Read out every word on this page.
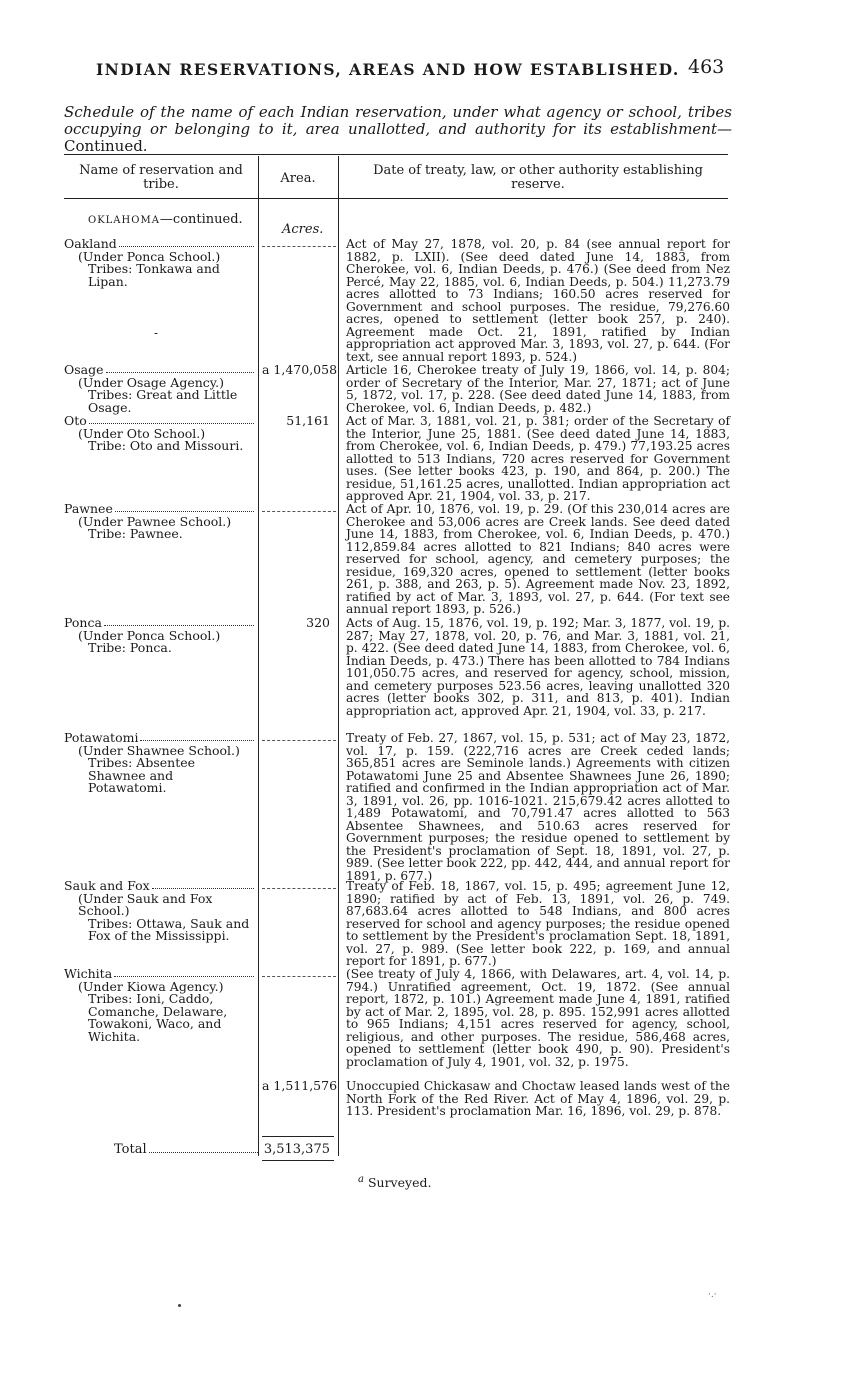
INDIAN RESERVATIONS, AREAS AND HOW ESTABLISHED. 463
Schedule of the name of each Indian reservation, under what agency or school, tribes occupying or belonging to it, area unallotted, and authority for its establishment—Continued.
Name of reservation and tribe.	Area.
Date of treaty, law, or other authority establishing reserve.
OKLAHOMA—continued.
Acres.
Oakland
(Under Ponca School.)
Tribes: Tonkawa and Lipan.
Act of May 27, 1878, vol. 20, p. 84 (see annual report for 1882, p. LXII). (See deed dated June 14, 1883, from Cherokee, vol. 6, Indian Deeds, p. 476.) (See deed from Nez Percé, May 22, 1885, vol. 6, Indian Deeds, p. 504.) 11,273.79 acres allotted to 73 Indians; 160.50 acres reserved for Government and school purposes. The residue, 79,276.60 acres, opened to settlement (letter book 257, p. 240). Agreement made Oct. 21, 1891, ratified by Indian appropriation act approved Mar. 3, 1893, vol. 27, p. 644. (For text, see annual report 1893, p. 524.)
-
Osage
(Under Osage Agency.)
Tribes: Great and Little Osage.
a 1,470,058 Article 16, Cherokee treaty of July 19, 1866, vol. 14, p. 804; order of Secretary of the Interior, Mar. 27, 1871; act of June 5, 1872, vol. 17, p. 228. (See deed dated June 14, 1883, from Cherokee, vol. 6, Indian Deeds, p. 482.)
Oto
(Under Oto School.)
Tribe: Oto and Missouri.
51,161 Act of Mar. 3, 1881, vol. 21, p. 381; order of the Secretary of the Interior, June 25, 1881. (See deed dated June 14, 1883, from Cherokee, vol. 6, Indian Deeds, p. 479.) 77,193.25 acres allotted to 513 Indians, 720 acres reserved for Government uses. (See letter books 423, p. 190, and 864, p. 200.) The residue, 51,161.25 acres, unallotted. Indian appropriation act approved Apr. 21, 1904, vol. 33, p. 217.
Pawnee
(Under Pawnee School.)
Tribe: Pawnee.
Act of Apr. 10, 1876, vol. 19, p. 29. (Of this 230,014 acres are Cherokee and 53,006 acres are Creek lands. See deed dated June 14, 1883, from Cherokee, vol. 6, Indian Deeds, p. 470.) 112,859.84 acres allotted to 821 Indians; 840 acres were reserved for school, agency, and cemetery purposes; the residue, 169,320 acres, opened to settlement (letter books 261, p. 388, and 263, p. 5). Agreement made Nov. 23, 1892, ratified by act of Mar. 3, 1893, vol. 27, p. 644. (For text see annual report 1893, p. 526.)
Ponca
(Under Ponca School.)
Tribe: Ponca.
320 Acts of Aug. 15, 1876, vol. 19, p. 192; Mar. 3, 1877, vol. 19, p. 287; May 27, 1878, vol. 20, p. 76, and Mar. 3, 1881, vol. 21, p. 422. (See deed dated June 14, 1883, from Cherokee, vol. 6, Indian Deeds, p. 473.) There has been allotted to 784 Indians 101,050.75 acres, and reserved for agency, school, mission, and cemetery purposes 523.56 acres, leaving unallotted 320 acres (letter books 302, p. 311, and 813, p. 401). Indian appropriation act, approved Apr. 21, 1904, vol. 33, p. 217.
Potawatomi
(Under Shawnee School.)
Tribes: Absentee Shawnee and Potawatomi.
Treaty of Feb. 27, 1867, vol. 15, p. 531; act of May 23, 1872, vol. 17, p. 159. (222,716 acres are Creek ceded lands; 365,851 acres are Seminole lands.) Agreements with citizen Potawatomi June 25 and Absentee Shawnees June 26, 1890; ratified and confirmed in the Indian appropriation act of Mar. 3, 1891, vol. 26, pp. 1016-1021. 215,679.42 acres allotted to 1,489 Potawatomi, and 70,791.47 acres allotted to 563 Absentee Shawnees, and 510.63 acres reserved for Government purposes; the residue opened to settlement by the President's proclamation of Sept. 18, 1891, vol. 27, p. 989. (See letter book 222, pp. 442, 444, and annual report for 1891, p. 677.)
Sauk and Fox
(Under Sauk and Fox School.)
Tribes: Ottawa, Sauk and Fox of the Mississippi.
Treaty of Feb. 18, 1867, vol. 15, p. 495; agreement June 12, 1890; ratified by act of Feb. 13, 1891, vol. 26, p. 749. 87,683.64 acres allotted to 548 Indians, and 800 acres reserved for school and agency purposes; the residue opened to settlement by the President's proclamation Sept. 18, 1891, vol. 27, p. 989. (See letter book 222, p. 169, and annual report for 1891, p. 677.)
Wichita
(Under Kiowa Agency.)
Tribes: Ioni, Caddo, Comanche, Delaware, Towakoni, Waco, and Wichita.
(See treaty of July 4, 1866, with Delawares, art. 4, vol. 14, p. 794.) Unratified agreement, Oct. 19, 1872. (See annual report, 1872, p. 101.) Agreement made June 4, 1891, ratified by act of Mar. 2, 1895, vol. 28, p. 895. 152,991 acres allotted to 965 Indians; 4,151 acres reserved for agency, school, religious, and other purposes. The residue, 586,468 acres, opened to settlement (letter book 490, p. 90). President's proclamation of July 4, 1901, vol. 32, p. 1975.
a 1,511,576 Unoccupied Chickasaw and Choctaw leased lands west of the North Fork of the Red River. Act of May 4, 1896, vol. 29, p. 113. President's proclamation Mar. 16, 1896, vol. 29, p. 878.
Total	3,513,375
$^a$ Surveyed.
·.·
